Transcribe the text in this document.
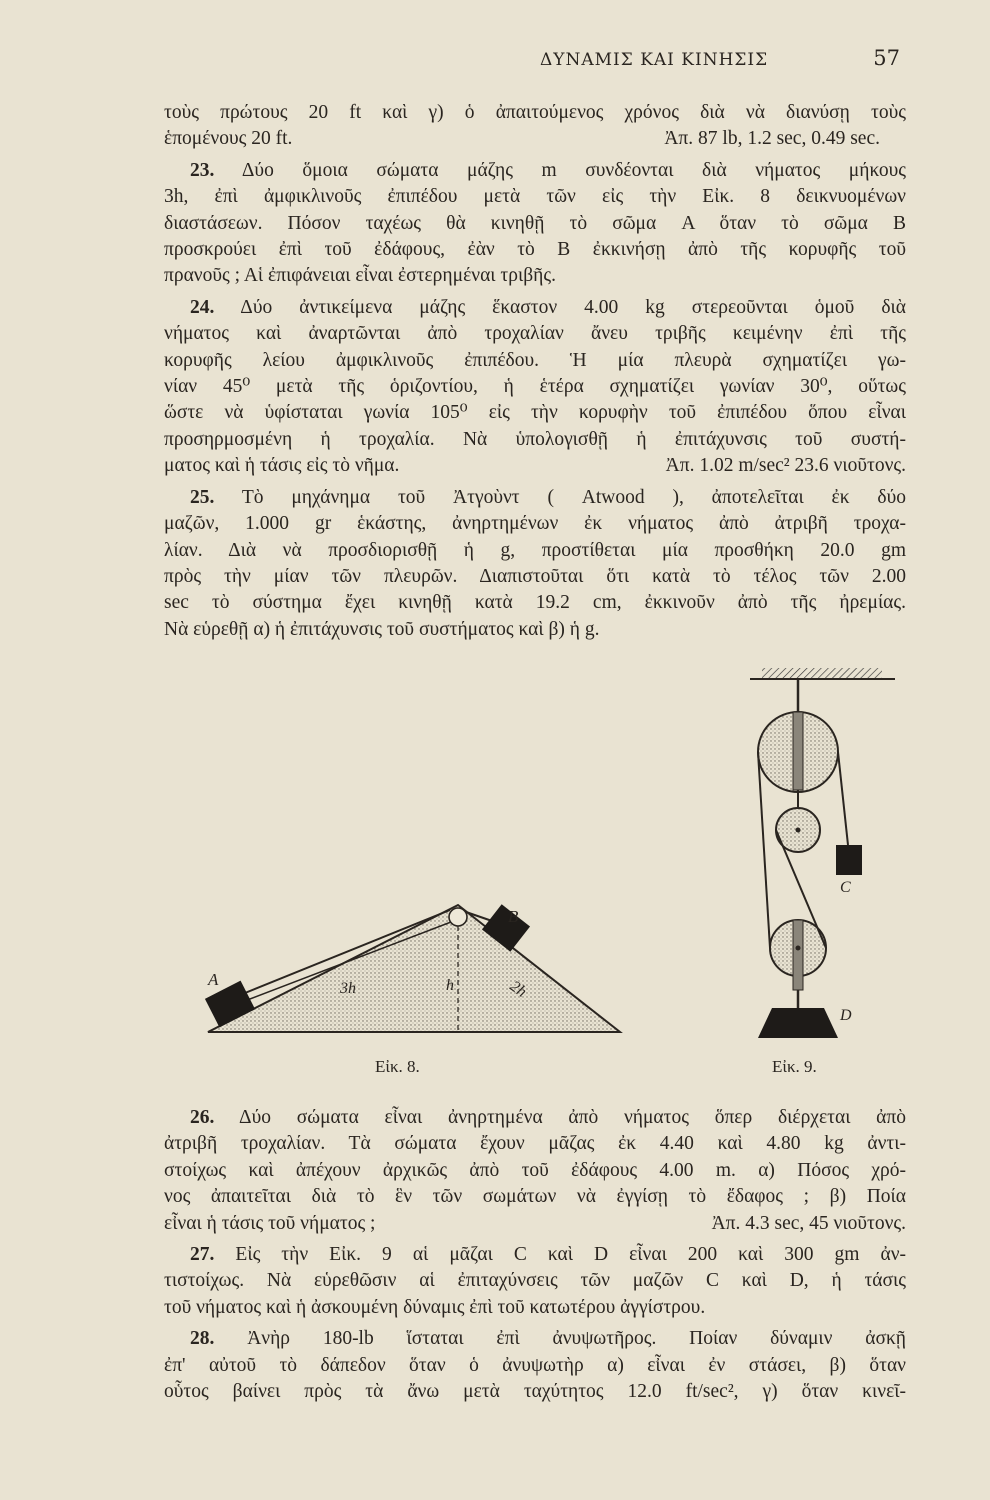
ΔΥΝΑΜΙΣ ΚΑΙ ΚΙΝΗΣΙΣ	57
τοὺς πρώτους 20 ft καὶ γ) ὁ ἀπαιτούμενος χρόνος διὰ νὰ διανύσῃ τοὺς
ἑπομένους 20 ft.	Ἀπ. 87 lb, 1.2 sec, 0.49 sec.
23. Δύο ὅμοια σώματα μάζης m συνδέονται διὰ νήματος μήκους
3h, ἐπὶ ἀμφικλινοῦς ἐπιπέδου μετὰ τῶν εἰς τὴν Εἰκ. 8 δεικνυομένων
διαστάσεων. Πόσον ταχέως θὰ κινηθῇ τὸ σῶμα A ὅταν τὸ σῶμα B
προσκρούει ἐπὶ τοῦ ἐδάφους, ἐὰν τὸ B ἐκκινήσῃ ἀπὸ τῆς κορυφῆς τοῦ
πρανοῦς ; Αἱ ἐπιφάνειαι εἶναι ἐστερημέναι τριβῆς.
24. Δύο ἀντικείμενα μάζης ἕκαστον 4.00 kg στερεοῦνται ὁμοῦ διὰ
νήματος καὶ ἀναρτῶνται ἀπὸ τροχαλίαν ἄνευ τριβῆς κειμένην ἐπὶ τῆς
κορυφῆς λείου ἀμφικλινοῦς ἐπιπέδου. Ἡ μία πλευρὰ σχηματίζει γω-
νίαν 45⁰ μετὰ τῆς ὁριζοντίου, ἡ ἑτέρα σχηματίζει γωνίαν 30⁰, οὕτως
ὥστε νὰ ὑφίσταται γωνία 105⁰ εἰς τὴν κορυφὴν τοῦ ἐπιπέδου ὅπου εἶναι
προσηρμοσμένη ἡ τροχαλία. Νὰ ὑπολογισθῇ ἡ ἐπιτάχυνσις τοῦ συστή-
ματος καὶ ἡ τάσις εἰς τὸ νῆμα.	Ἀπ. 1.02 m/sec² 23.6 νιοῦτονς.
25. Τὸ μηχάνημα τοῦ Ἀτγοὺντ ( Atwood ), ἀποτελεῖται ἐκ δύο
μαζῶν, 1.000 gr ἑκάστης, ἀνηρτημένων ἐκ νήματος ἀπὸ ἀτριβῆ τροχα-
λίαν. Διὰ νὰ προσδιορισθῇ ἡ g, προστίθεται μία προσθήκη 20.0 gm
πρὸς τὴν μίαν τῶν πλευρῶν. Διαπιστοῦται ὅτι κατὰ τὸ τέλος τῶν 2.00
sec τὸ σύστημα ἔχει κινηθῇ κατὰ 19.2 cm, ἐκκινοῦν ἀπὸ τῆς ἠρεμίας.
Νὰ εὑρεθῇ α) ἡ ἐπιτάχυνσις τοῦ συστήματος καὶ β) ἡ g.
A
B
3h	h	2h
C
D
Εἰκ. 8.	Εἰκ. 9.
26. Δύο σώματα εἶναι ἀνηρτημένα ἀπὸ νήματος ὅπερ διέρχεται ἀπὸ
ἀτριβῆ τροχαλίαν. Τὰ σώματα ἔχουν μᾶζας ἐκ 4.40 καὶ 4.80 kg ἀντι-
στοίχως καὶ ἀπέχουν ἀρχικῶς ἀπὸ τοῦ ἐδάφους 4.00 m. α) Πόσος χρό-
νος ἀπαιτεῖται διὰ τὸ ἓν τῶν σωμάτων νὰ ἐγγίσῃ τὸ ἔδαφος ; β) Ποία
εἶναι ἡ τάσις τοῦ νήματος ;	Ἀπ. 4.3 sec, 45 νιοῦτονς.
27. Εἰς τὴν Εἰκ. 9 αἱ μᾶζαι C καὶ D εἶναι 200 καὶ 300 gm ἀν-
τιστοίχως. Νὰ εὑρεθῶσιν αἱ ἐπιταχύνσεις τῶν μαζῶν C καὶ D, ἡ τάσις
τοῦ νήματος καὶ ἡ ἀσκουμένη δύναμις ἐπὶ τοῦ κατωτέρου ἀγγίστρου.
28. Ἀνὴρ 180-lb ἵσταται ἐπὶ ἀνυψωτῆρος. Ποίαν δύναμιν ἀσκῇ
ἐπ' αὐτοῦ τὸ δάπεδον ὅταν ὁ ἀνυψωτὴρ α) εἶναι ἐν στάσει, β) ὅταν
οὗτος βαίνει πρὸς τὰ ἄνω μετὰ ταχύτητος 12.0 ft/sec², γ) ὅταν κινεῖ-
